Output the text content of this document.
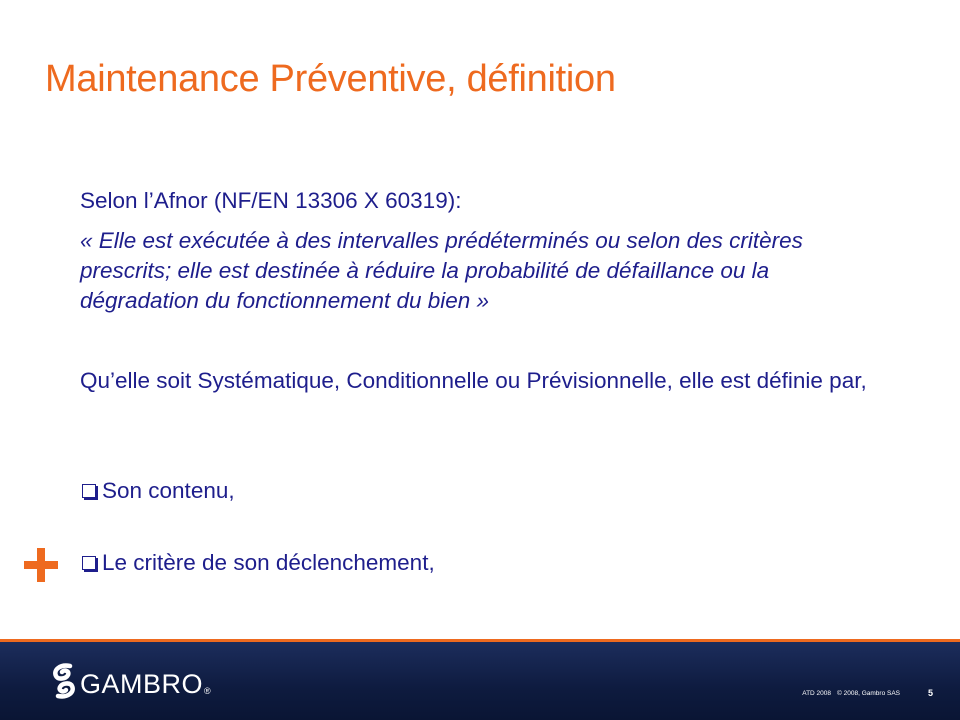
Maintenance Préventive, définition
Selon l’Afnor (NF/EN 13306 X 60319):
« Elle est exécutée à des intervalles prédéterminés ou selon des critères prescrits; elle est destinée à réduire la probabilité de défaillance ou la dégradation du fonctionnement du bien »
Qu’elle soit Systématique, Conditionnelle ou Prévisionnelle, elle est définie par,
Son contenu,
Le critère de son déclenchement,
GAMBRO ®	ATD 2008 © 2008, Gambro SAS	5
